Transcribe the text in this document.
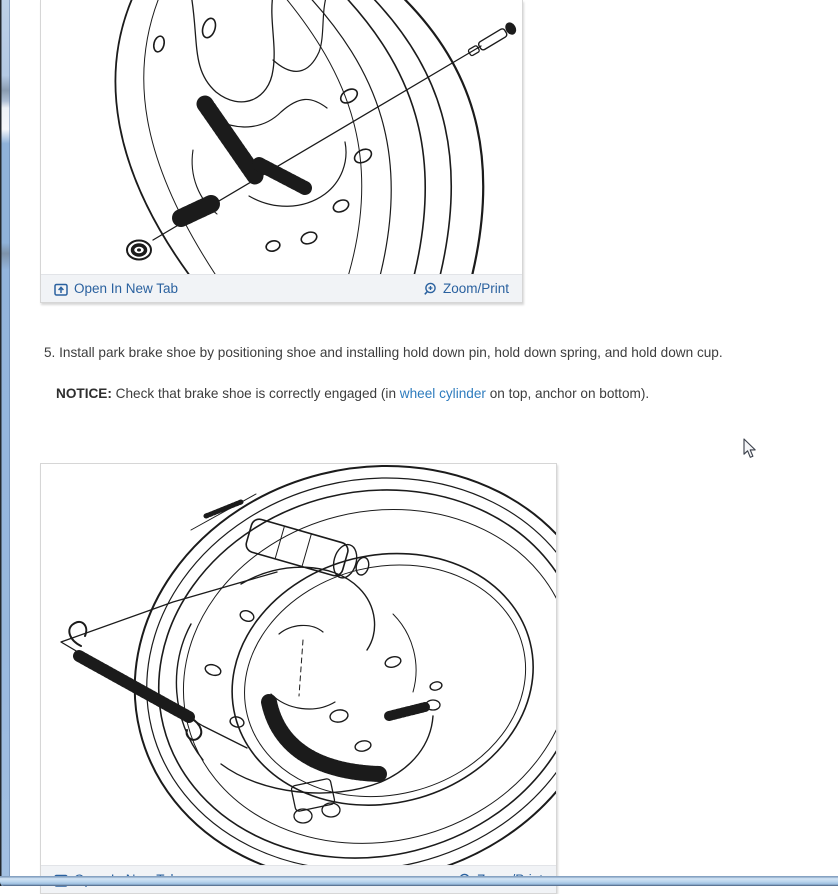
Open In New Tab	Zoom/Print
5. Install park brake shoe by positioning shoe and installing hold down pin, hold down spring, and hold down cup.
NOTICE: Check that brake shoe is correctly engaged (in wheel cylinder on top, anchor on bottom).
